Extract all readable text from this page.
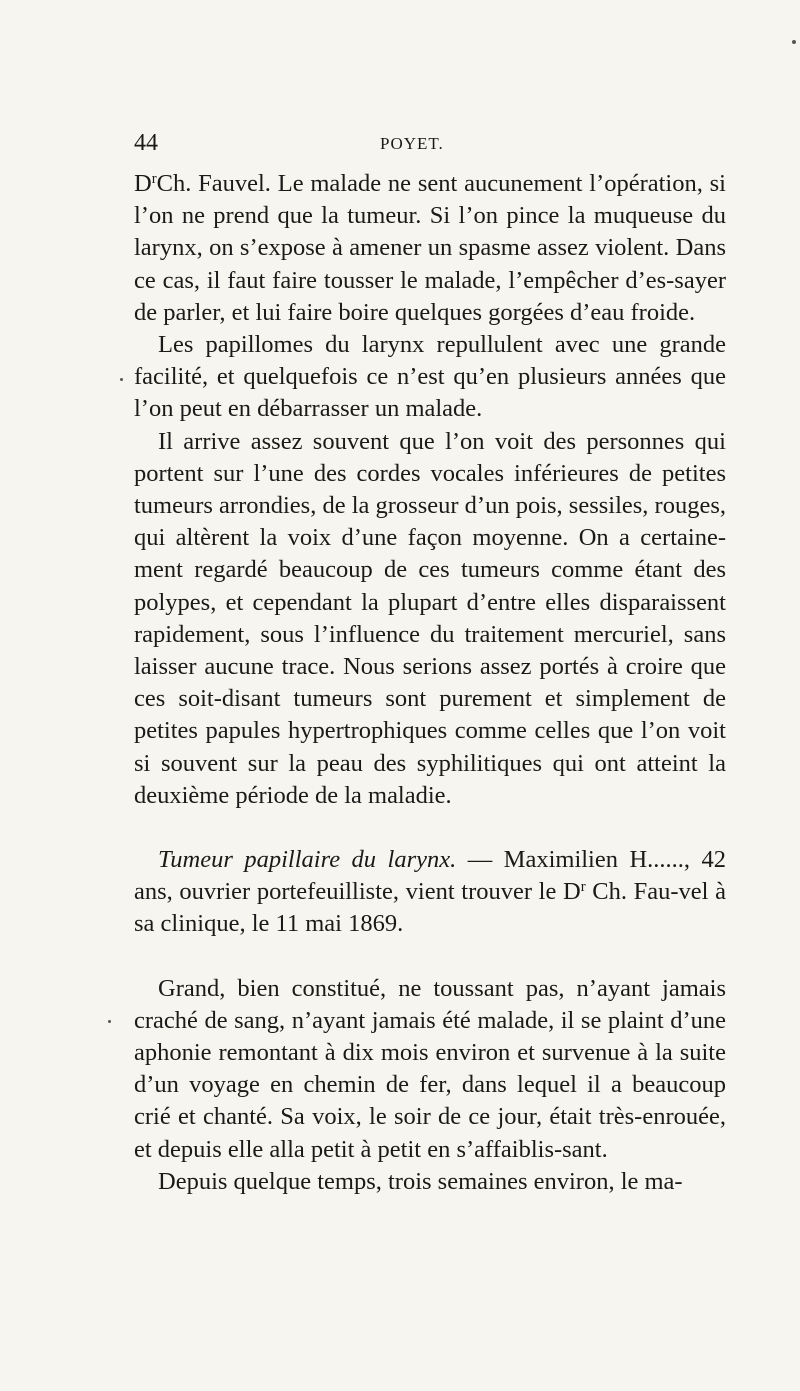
44	POYET.

$D^rCh$. Fauvel. Le malade ne sent aucunement l’opération, si l’on ne prend que la tumeur. Si l’on pince la muqueuse du larynx, on s’expose à amener un spasme assez violent. Dans ce cas, il faut faire tousser le malade, l’empêcher d’es-sayer de parler, et lui faire boire quelques gorgées d’eau froide.

Les papillomes du larynx repullulent avec une grande facilité, et quelquefois ce n’est qu’en plusieurs années que l’on peut en débarrasser un malade.

Il arrive assez souvent que l’on voit des personnes qui portent sur l’une des cordes vocales inférieures de petites tumeurs arrondies, de la grosseur d’un pois, sessiles, rouges, qui altèrent la voix d’une façon moyenne. On a certaine-ment regardé beaucoup de ces tumeurs comme étant des polypes, et cependant la plupart d’entre elles disparaissent rapidement, sous l’influence du traitement mercuriel, sans laisser aucune trace. Nous serions assez portés à croire que ces soit-disant tumeurs sont purement et simplement de petites papules hypertrophiques comme celles que l’on voit si souvent sur la peau des syphilitiques qui ont atteint la deuxième période de la maladie.

Tumeur papillaire du larynx. — Maximilien H......, 42 ans, ouvrier portefeuilliste, vient trouver le $D^r$ Ch. Fau-vel à sa clinique, le 11 mai 1869.

Grand, bien constitué, ne toussant pas, n’ayant jamais craché de sang, n’ayant jamais été malade, il se plaint d’une aphonie remontant à dix mois environ et survenue à la suite d’un voyage en chemin de fer, dans lequel il a beaucoup crié et chanté. Sa voix, le soir de ce jour, était très-enrouée, et depuis elle alla petit à petit en s’affaiblis-sant.

Depuis quelque temps, trois semaines environ, le ma-
